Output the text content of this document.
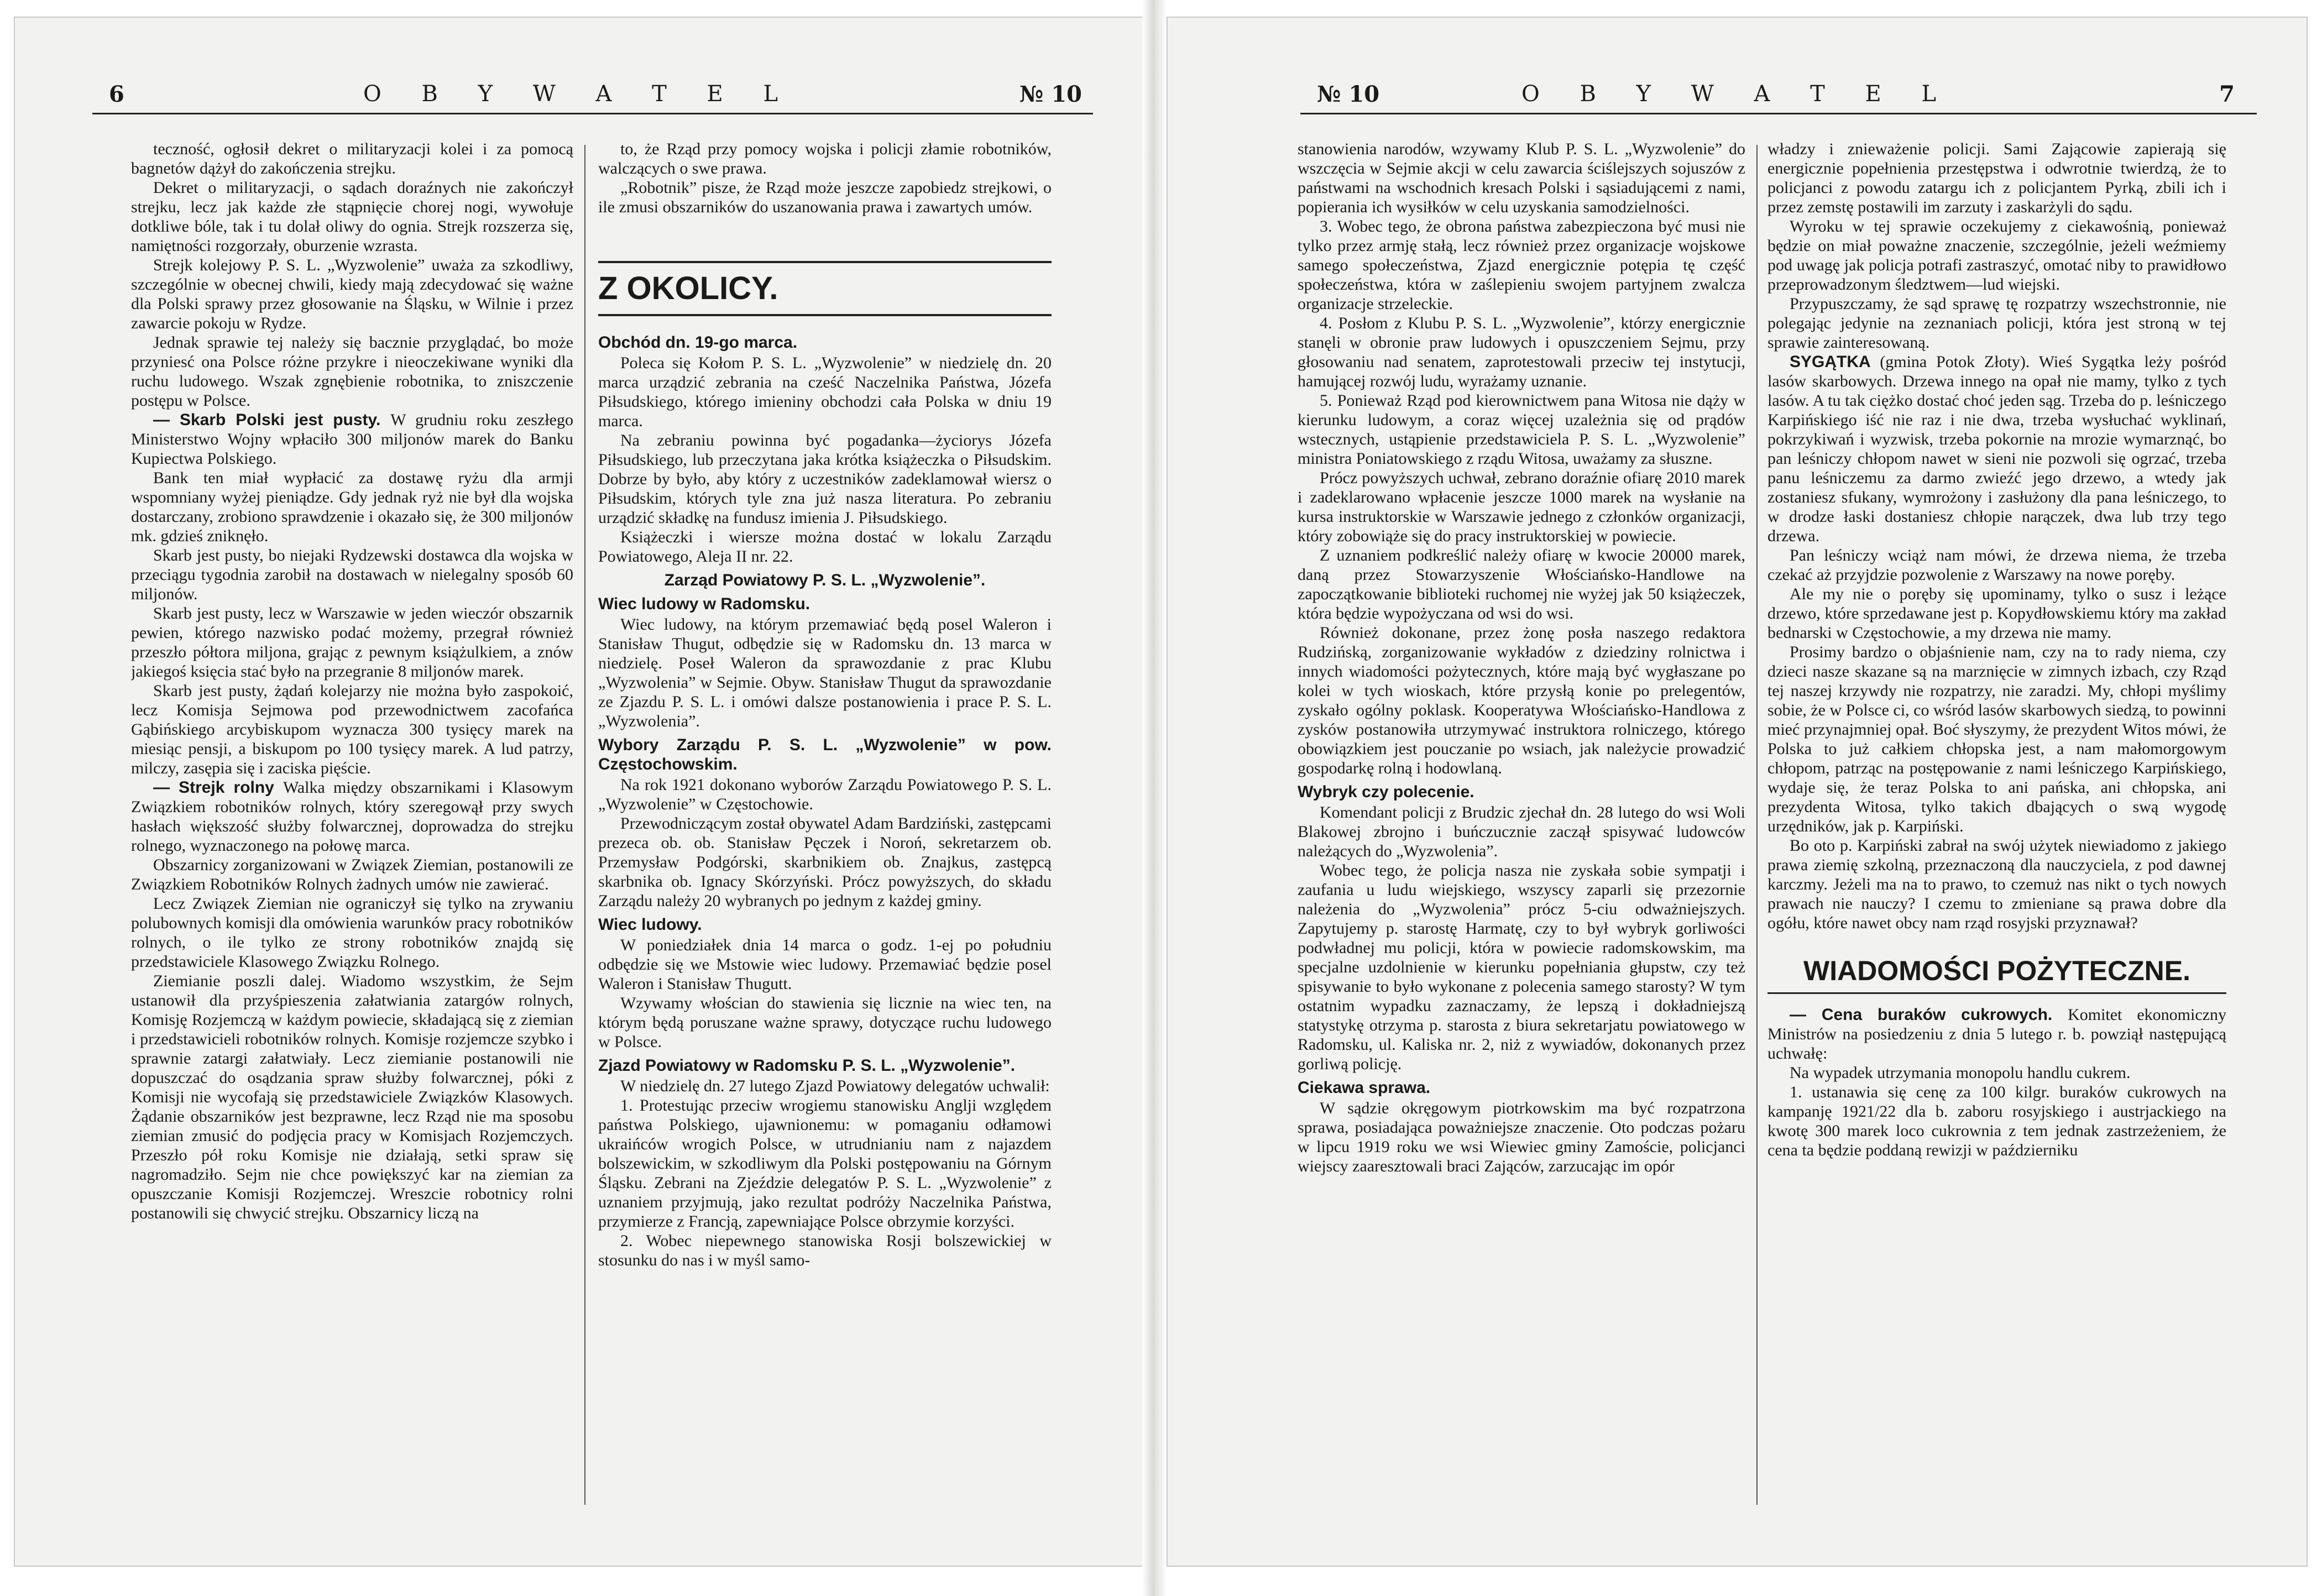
6	O B Y W A T E L	№ 10

teczność, ogłosił dekret o militaryzacji kolei i za pomocą bagnetów dążył do zakończenia strejku.

Dekret o militaryzacji, o sądach doraźnych nie zakończył strejku, lecz jak każde złe stąpnięcie chorej nogi, wywołuje dotkliwe bóle, tak i tu dolał oliwy do ognia. Strejk rozszerza się, namiętności rozgorzały, oburzenie wzrasta.

Strejk kolejowy P. S. L. „Wyzwolenie” uważa za szkodliwy, szczególnie w obecnej chwili, kiedy mają zdecydować się ważne dla Polski sprawy przez głosowanie na Śląsku, w Wilnie i przez zawarcie pokoju w Rydze.

Jednak sprawie tej należy się bacznie przyglądać, bo może przyniesć ona Polsce różne przykre i nieoczekiwane wyniki dla ruchu ludowego. Wszak zgnębienie robotnika, to zniszczenie postępu w Polsce.

— Skarb Polski jest pusty. W grudniu roku zeszłego Ministerstwo Wojny wpłaciło 300 miljonów marek do Banku Kupiectwa Polskiego.

Bank ten miał wypłacić za dostawę ryżu dla armji wspomniany wyżej pieniądze. Gdy jednak ryż nie był dla wojska dostarczany, zrobiono sprawdzenie i okazało się, że 300 miljonów mk. gdzieś zniknęło.

Skarb jest pusty, bo niejaki Rydzewski dostawca dla wojska w przeciągu tygodnia zarobił na dostawach w nielegalny sposób 60 miljonów.

Skarb jest pusty, lecz w Warszawie w jeden wieczór obszarnik pewien, którego nazwisko podać możemy, przegrał również przeszło półtora miljona, grając z pewnym książulkiem, a znów jakiegoś księcia stać było na przegranie 8 miljonów marek.

Skarb jest pusty, żądań kolejarzy nie można było zaspokoić, lecz Komisja Sejmowa pod przewodnictwem zacofańca Gąbińskiego arcybiskupom wyznacza 300 tysięcy marek na miesiąc pensji, a biskupom po 100 tysięcy marek. A lud patrzy, milczy, zasępia się i zaciska pięście.

— Strejk rolny Walka między obszarnikami i Klasowym Związkiem robotników rolnych, który szeregowął przy swych hasłach większość służby folwarcznej, doprowadza do strejku rolnego, wyznaczonego na połowę marca.

Obszarnicy zorganizowani w Związek Ziemian, postanowili ze Związkiem Robotników Rolnych żadnych umów nie zawierać.

Lecz Związek Ziemian nie ograniczył się tylko na zrywaniu polubownych komisji dla omówienia warunków pracy robotników rolnych, o ile tylko ze strony robotników znajdą się przedstawiciele Klasowego Związku Rolnego.

Ziemianie poszli dalej. Wiadomo wszystkim, że Sejm ustanowił dla przyśpieszenia załatwiania zatargów rolnych, Komisję Rozjemczą w każdym powiecie, składającą się z ziemian i przedstawicieli robotników rolnych. Komisje rozjemcze szybko i sprawnie zatargi załatwiały. Lecz ziemianie postanowili nie dopuszczać do osądzania spraw służby folwarcznej, póki z Komisji nie wycofają się przedstawiciele Związków Klasowych. Żądanie obszarników jest bezprawne, lecz Rząd nie ma sposobu ziemian zmusić do podjęcia pracy w Komisjach Rozjemczych. Przeszło pół roku Komisje nie działają, setki spraw się nagromadziło. Sejm nie chce powiększyć kar na ziemian za opuszczanie Komisji Rozjemczej. Wreszcie robotnicy rolni postanowili się chwycić strejku. Obszarnicy liczą na

to, że Rząd przy pomocy wojska i policji złamie robotników, walczących o swe prawa.

„Robotnik” pisze, że Rząd może jeszcze zapobiedz strejkowi, o ile zmusi obszarników do uszanowania prawa i zawartych umów.

Z OKOLICY.
Obchód dn. 19-go marca.

Poleca się Kołom P. S. L. „Wyzwolenie” w niedzielę dn. 20 marca urządzić zebrania na cześć Naczelnika Państwa, Józefa Piłsudskiego, którego imieniny obchodzi cała Polska w dniu 19 marca.

Na zebraniu powinna być pogadanka—życiorys Józefa Piłsudskiego, lub przeczytana jaka krótka książeczka o Piłsudskim. Dobrze by było, aby który z uczestników zadeklamował wiersz o Piłsudskim, których tyle zna już nasza literatura. Po zebraniu urządzić składkę na fundusz imienia J. Piłsudskiego.

Książeczki i wiersze można dostać w lokalu Zarządu Powiatowego, Aleja II nr. 22.

Zarząd Powiatowy P. S. L. „Wyzwolenie”.
Wiec ludowy w Radomsku.

Wiec ludowy, na którym przemawiać będą posel Waleron i Stanisław Thugut, odbędzie się w Radomsku dn. 13 marca w niedzielę. Poseł Waleron da sprawozdanie z prac Klubu „Wyzwolenia” w Sejmie. Obyw. Stanisław Thugut da sprawozdanie ze Zjazdu P. S. L. i omówi dalsze postanowienia i prace P. S. L. „Wyzwolenia”.

Wybory Zarządu P. S. L. „Wyzwolenie” w pow. Częstochowskim.

Na rok 1921 dokonano wyborów Zarządu Powiatowego P. S. L. „Wyzwolenie” w Częstochowie.

Przewodniczącym został obywatel Adam Bardziński, zastępcami prezeca ob. ob. Stanisław Pęczek i Noroń, sekretarzem ob. Przemysław Podgórski, skarbnikiem ob. Znajkus, zastępcą skarbnika ob. Ignacy Skórzyński. Prócz powyższych, do składu Zarządu należy 20 wybranych po jednym z każdej gminy.

Wiec ludowy.

W poniedziałek dnia 14 marca o godz. 1-ej po południu odbędzie się we Mstowie wiec ludowy. Przemawiać będzie posel Waleron i Stanisław Thugutt.

Wzywamy włościan do stawienia się licznie na wiec ten, na którym będą poruszane ważne sprawy, dotyczące ruchu ludowego w Polsce.

Zjazd Powiatowy w Radomsku P. S. L. „Wyzwolenie”.

W niedzielę dn. 27 lutego Zjazd Powiatowy delegatów uchwalił:

1. Protestując przeciw wrogiemu stanowisku Anglji względem państwa Polskiego, ujawnionemu: w pomaganiu odłamowi ukraińców wrogich Polsce, w utrudnianiu nam z najazdem bolszewickim, w szkodliwym dla Polski postępowaniu na Górnym Śląsku. Zebrani na Zjeździe delegatów P. S. L. „Wyzwolenie” z uznaniem przyjmują, jako rezultat podróży Naczelnika Państwa, przymierze z Francją, zapewniające Polsce obrzymie korzyści.

2. Wobec niepewnego stanowiska Rosji bolszewickiej w stosunku do nas i w myśl samo-

№ 10	O B Y W A T E L	7

stanowienia narodów, wzywamy Klub P. S. L. „Wyzwolenie” do wszczęcia w Sejmie akcji w celu zawarcia ściślejszych sojuszów z państwami na wschodnich kresach Polski i sąsiadującemi z nami, popierania ich wysiłków w celu uzyskania samodzielności.

3. Wobec tego, że obrona państwa zabezpieczona być musi nie tylko przez armję stałą, lecz również przez organizacje wojskowe samego społeczeństwa, Zjazd energicznie potępia tę część społeczeństwa, która w zaślepieniu swojem partyjnem zwalcza organizacje strzeleckie.

4. Posłom z Klubu P. S. L. „Wyzwolenie”, którzy energicznie stanęli w obronie praw ludowych i opuszczeniem Sejmu, przy głosowaniu nad senatem, zaprotestowali przeciw tej instytucji, hamującej rozwój ludu, wyrażamy uznanie.

5. Ponieważ Rząd pod kierownictwem pana Witosa nie dąży w kierunku ludowym, a coraz więcej uzależnia się od prądów wstecznych, ustąpienie przedstawiciela P. S. L. „Wyzwolenie” ministra Poniatowskiego z rządu Witosa, uważamy za słuszne.

Prócz powyższych uchwał, zebrano doraźnie ofiarę 2010 marek i zadeklarowano wpłacenie jeszcze 1000 marek na wysłanie na kursa instruktorskie w Warszawie jednego z członków organizacji, który zobowiąże się do pracy instruktorskiej w powiecie.

Z uznaniem podkreślić należy ofiarę w kwocie 20000 marek, daną przez Stowarzyszenie Włościańsko-Handlowe na zapoczątkowanie biblioteki ruchomej nie wyżej jak 50 książeczek, która będzie wypożyczana od wsi do wsi.

Również dokonane, przez żonę posła naszego redaktora Rudzińską, zorganizowanie wykładów z dziedziny rolnictwa i innych wiadomości pożytecznych, które mają być wygłaszane po kolei w tych wioskach, które przysłą konie po prelegentów, zyskało ogólny poklask. Kooperatywa Włościańsko-Handlowa z zysków postanowiła utrzymywać instruktora rolniczego, którego obowiązkiem jest pouczanie po wsiach, jak należycie prowadzić gospodarkę rolną i hodowlaną.

Wybryk czy polecenie.

Komendant policji z Brudzic zjechał dn. 28 lutego do wsi Woli Blakowej zbrojno i buńczucznie zaczął spisywać ludowców należących do „Wyzwolenia”.

Wobec tego, że policja nasza nie zyskała sobie sympatji i zaufania u ludu wiejskiego, wszyscy zaparli się przezornie należenia do „Wyzwolenia” prócz 5-ciu odważniejszych. Zapytujemy p. starostę Harmatę, czy to był wybryk gorliwości podwładnej mu policji, która w powiecie radomskowskim, ma specjalne uzdolnienie w kierunku popełniania głupstw, czy też spisywanie to było wykonane z polecenia samego starosty? W tym ostatnim wypadku zaznaczamy, że lepszą i dokładniejszą statystykę otrzyma p. starosta z biura sekretarjatu powiatowego w Radomsku, ul. Kaliska nr. 2, niż z wywiadów, dokonanych przez gorliwą policję.

Ciekawa sprawa.

W sądzie okręgowym piotrkowskim ma być rozpatrzona sprawa, posiadająca poważniejsze znaczenie. Oto podczas pożaru w lipcu 1919 roku we wsi Wiewiec gminy Zamoście, policjanci wiejscy zaaresztowali braci Zająców, zarzucając im opór

władzy i znieważenie policji. Sami Zającowie zapierają się energicznie popełnienia przestępstwa i odwrotnie twierdzą, że to policjanci z powodu zatargu ich z policjantem Pyrką, zbili ich i przez zemstę postawili im zarzuty i zaskarżyli do sądu.

Wyroku w tej sprawie oczekujemy z ciekawośnią, ponieważ będzie on miał poważne znaczenie, szczególnie, jeżeli weźmiemy pod uwagę jak policja potrafi zastraszyć, omotać niby to prawidłowo przeprowadzonym śledztwem—lud wiejski.

Przypuszczamy, że sąd sprawę tę rozpatrzy wszechstronnie, nie polegając jedynie na zeznaniach policji, która jest stroną w tej sprawie zainteresowaną.

SYGĄTKA (gmina Potok Złoty). Wieś Sygątka leży pośród lasów skarbowych. Drzewa innego na opał nie mamy, tylko z tych lasów. A tu tak ciężko dostać choć jeden sąg. Trzeba do p. leśniczego Karpińskiego iść nie raz i nie dwa, trzeba wysłuchać wyklinań, pokrzykiwań i wyzwisk, trzeba pokornie na mrozie wymarznąć, bo pan leśniczy chłopom nawet w sieni nie pozwoli się ogrzać, trzeba panu leśniczemu za darmo zwieźć jego drzewo, a wtedy jak zostaniesz sfukany, wymrożony i zasłużony dla pana leśniczego, to w drodze łaski dostaniesz chłopie narączek, dwa lub trzy tego drzewa.

Pan leśniczy wciąż nam mówi, że drzewa niema, że trzeba czekać aż przyjdzie pozwolenie z Warszawy na nowe poręby.

Ale my nie o poręby się upominamy, tylko o susz i leżące drzewo, które sprzedawane jest p. Kopydłowskiemu który ma zakład bednarski w Częstochowie, a my drzewa nie mamy.

Prosimy bardzo o objaśnienie nam, czy na to rady niema, czy dzieci nasze skazane są na marznięcie w zimnych izbach, czy Rząd tej naszej krzywdy nie rozpatrzy, nie zaradzi. My, chłopi myślimy sobie, że w Polsce ci, co wśród lasów skarbowych siedzą, to powinni mieć przynajmniej opał. Boć słyszymy, że prezydent Witos mówi, że Polska to już całkiem chłopska jest, a nam małomorgowym chłopom, patrząc na postępowanie z nami leśniczego Karpińskiego, wydaje się, że teraz Polska to ani pańska, ani chłopska, ani prezydenta Witosa, tylko takich dbających o swą wygodę urzędników, jak p. Karpiński.

Bo oto p. Karpiński zabrał na swój użytek niewiadomo z jakiego prawa ziemię szkolną, przeznaczoną dla nauczyciela, z pod dawnej karczmy. Jeżeli ma na to prawo, to czemuż nas nikt o tych nowych prawach nie nauczy? I czemu to zmieniane są prawa dobre dla ogółu, które nawet obcy nam rząd rosyjski przyznawał?

WIADOMOŚCI POŻYTECZNE.

— Cena buraków cukrowych. Komitet ekonomiczny Ministrów na posiedzeniu z dnia 5 lutego r. b. powziął następującą uchwałę:

Na wypadek utrzymania monopolu handlu cukrem.

1. ustanawia się cenę za 100 kilgr. buraków cukrowych na kampanję 1921/22 dla b. zaboru rosyjskiego i austrjackiego na kwotę 300 marek loco cukrownia z tem jednak zastrzeżeniem, że cena ta będzie poddaną rewizji w październiku
